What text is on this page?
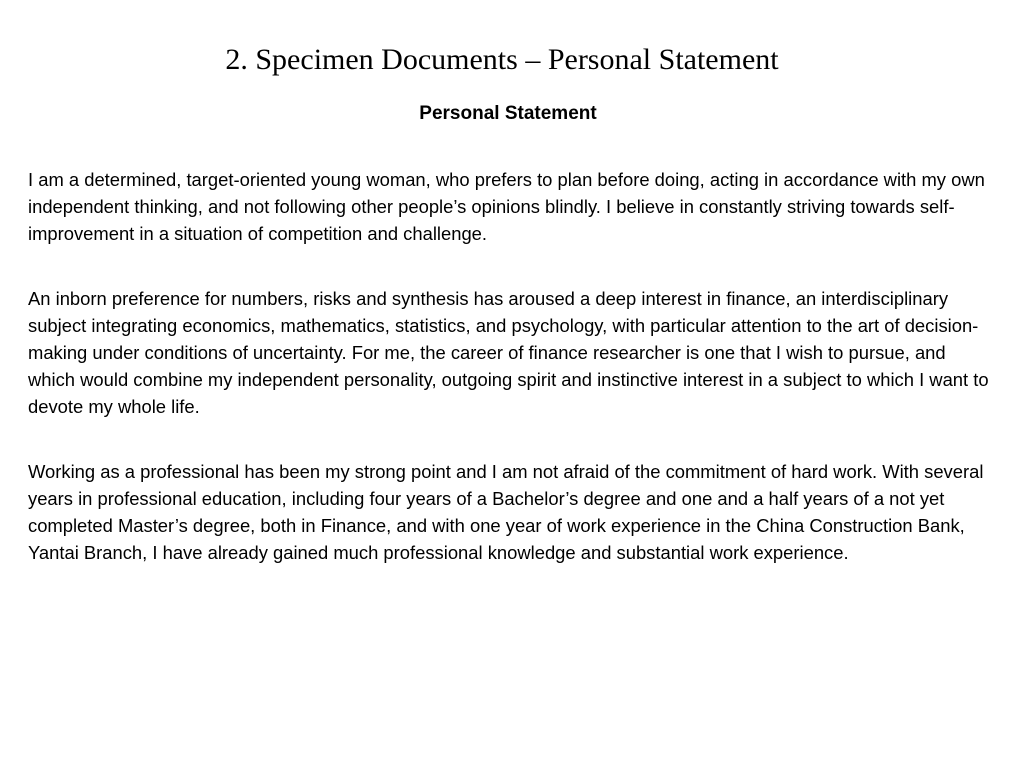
2. Specimen Documents – Personal Statement
Personal Statement

I am a determined, target-oriented young woman, who prefers to plan before doing, acting in accordance with my own independent thinking, and not following other people’s opinions blindly. I believe in constantly striving towards self-improvement in a situation of competition and challenge.

An inborn preference for numbers, risks and synthesis has aroused a deep interest in finance, an interdisciplinary subject integrating economics, mathematics, statistics, and psychology, with particular attention to the art of decision-making under conditions of uncertainty. For me, the career of finance researcher is one that I wish to pursue, and which would combine my independent personality, outgoing spirit and instinctive interest in a subject to which I want to devote my whole life.

Working as a professional has been my strong point and I am not afraid of the commitment of hard work. With several years in professional education, including four years of a Bachelor’s degree and one and a half years of a not yet completed Master’s degree, both in Finance, and with one year of work experience in the China Construction Bank, Yantai Branch, I have already gained much professional knowledge and substantial work experience.
